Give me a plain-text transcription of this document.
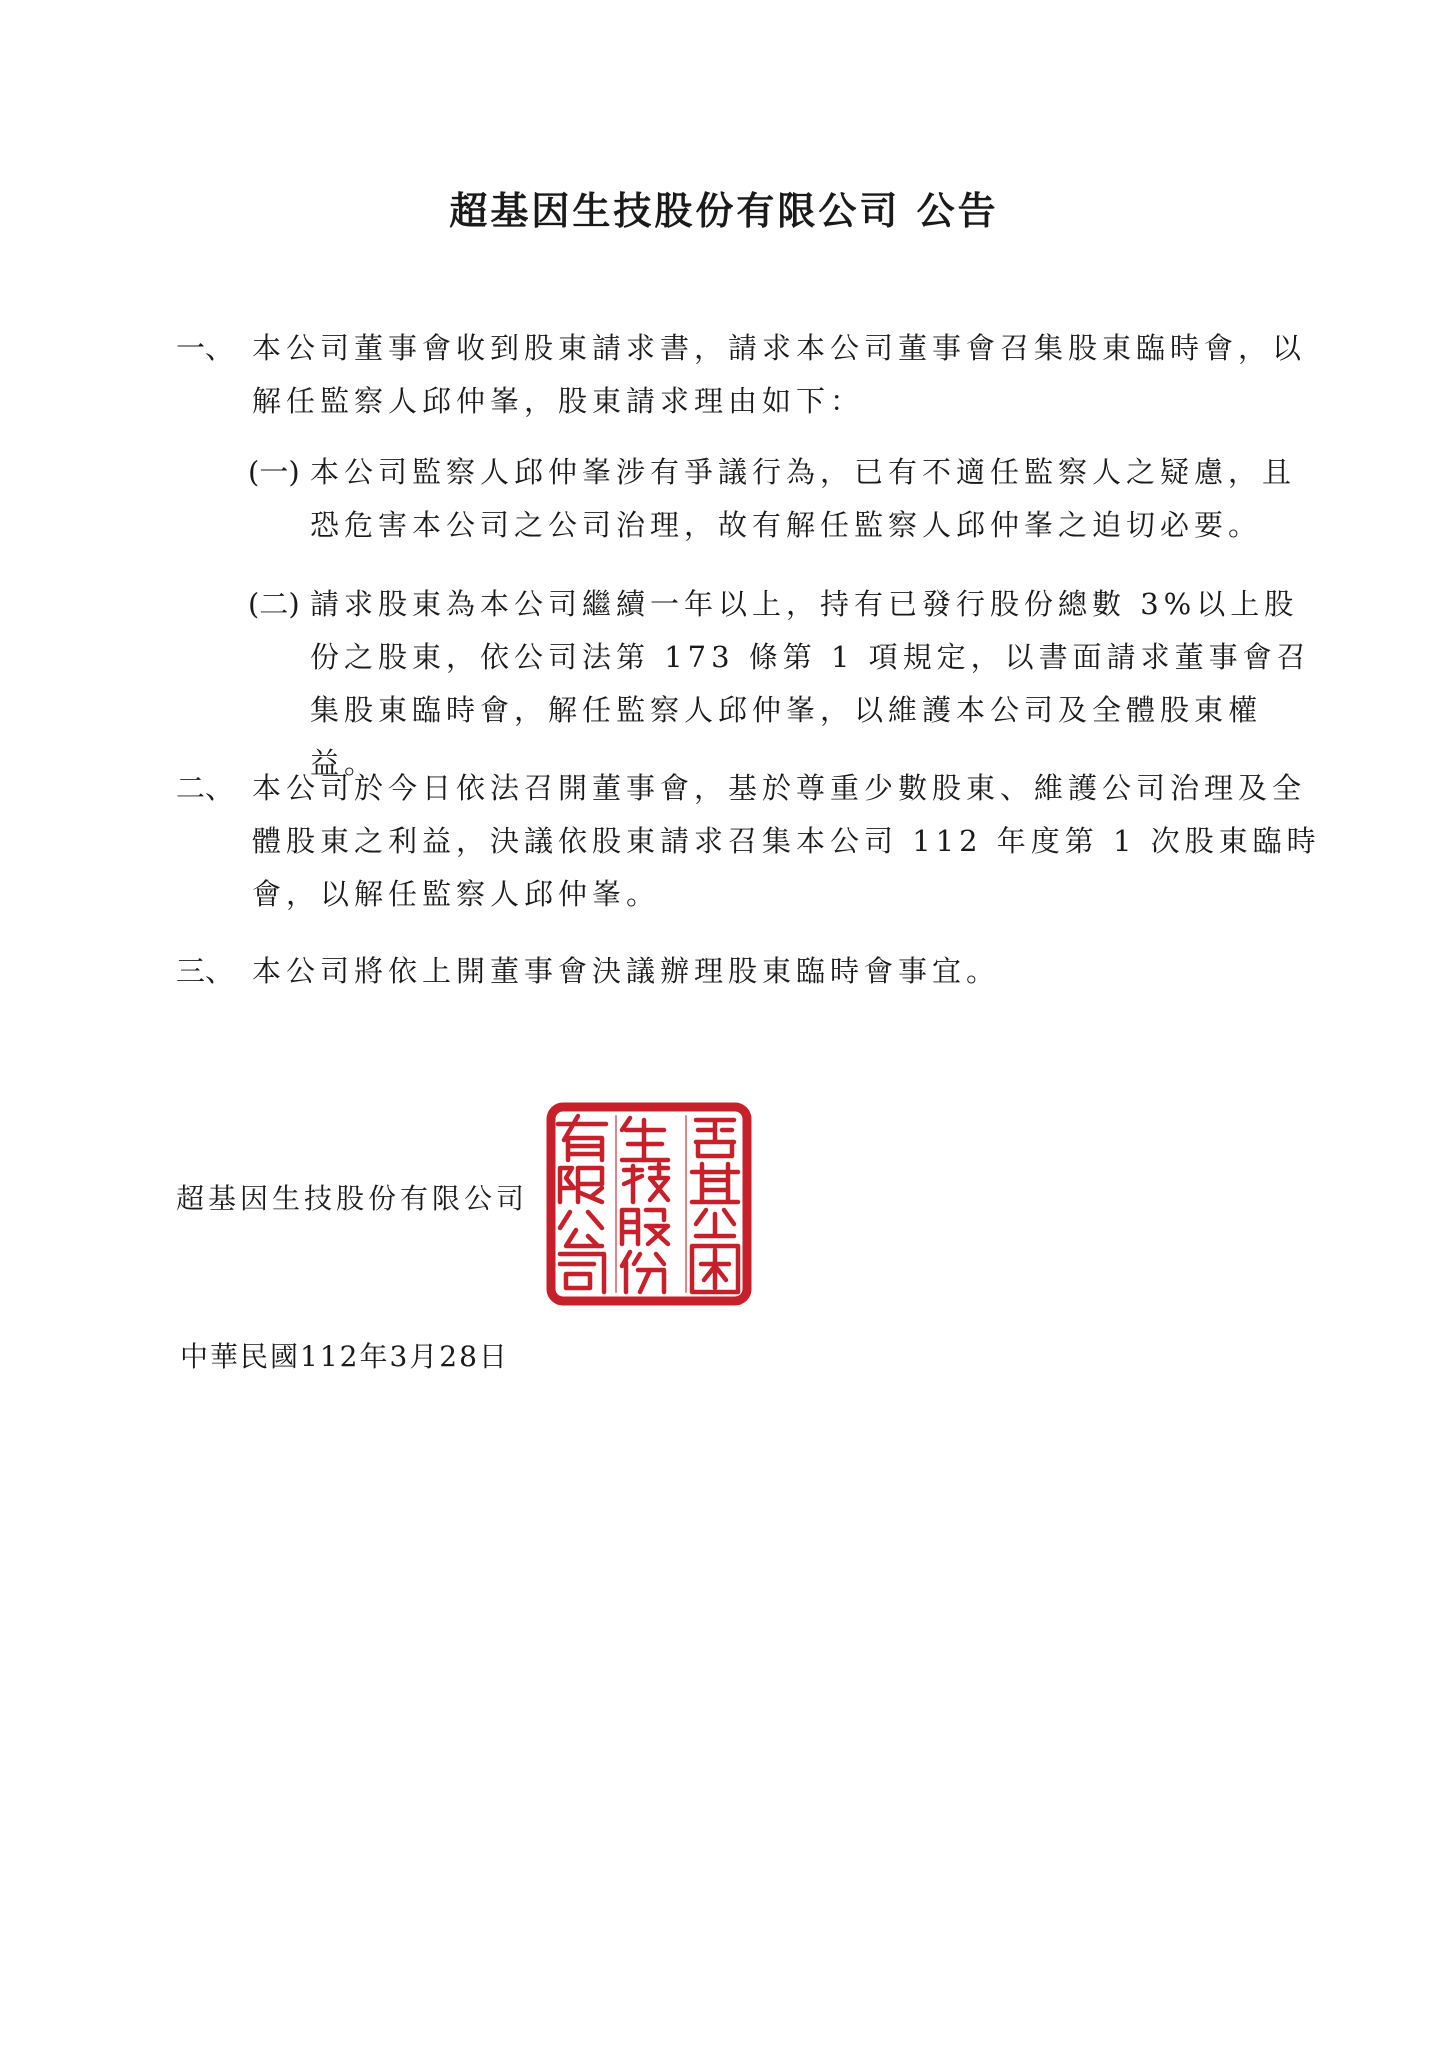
超基因生技股份有限公司 公告
一、 本公司董事會收到股東請求書，請求本公司董事會召集股東臨時會，以解任監察人邱仲峯，股東請求理由如下：
(一) 本公司監察人邱仲峯涉有爭議行為，已有不適任監察人之疑慮，且恐危害本公司之公司治理，故有解任監察人邱仲峯之迫切必要。
(二) 請求股東為本公司繼續一年以上，持有已發行股份總數 3%以上股份之股東，依公司法第 173 條第 1 項規定，以書面請求董事會召集股東臨時會，解任監察人邱仲峯，以維護本公司及全體股東權益。
二、 本公司於今日依法召開董事會，基於尊重少數股東、維護公司治理及全體股東之利益，決議依股東請求召集本公司 112 年度第 1 次股東臨時會，以解任監察人邱仲峯。
三、 本公司將依上開董事會決議辦理股東臨時會事宜。
超基因生技股份有限公司
中華民國112年3月28日
